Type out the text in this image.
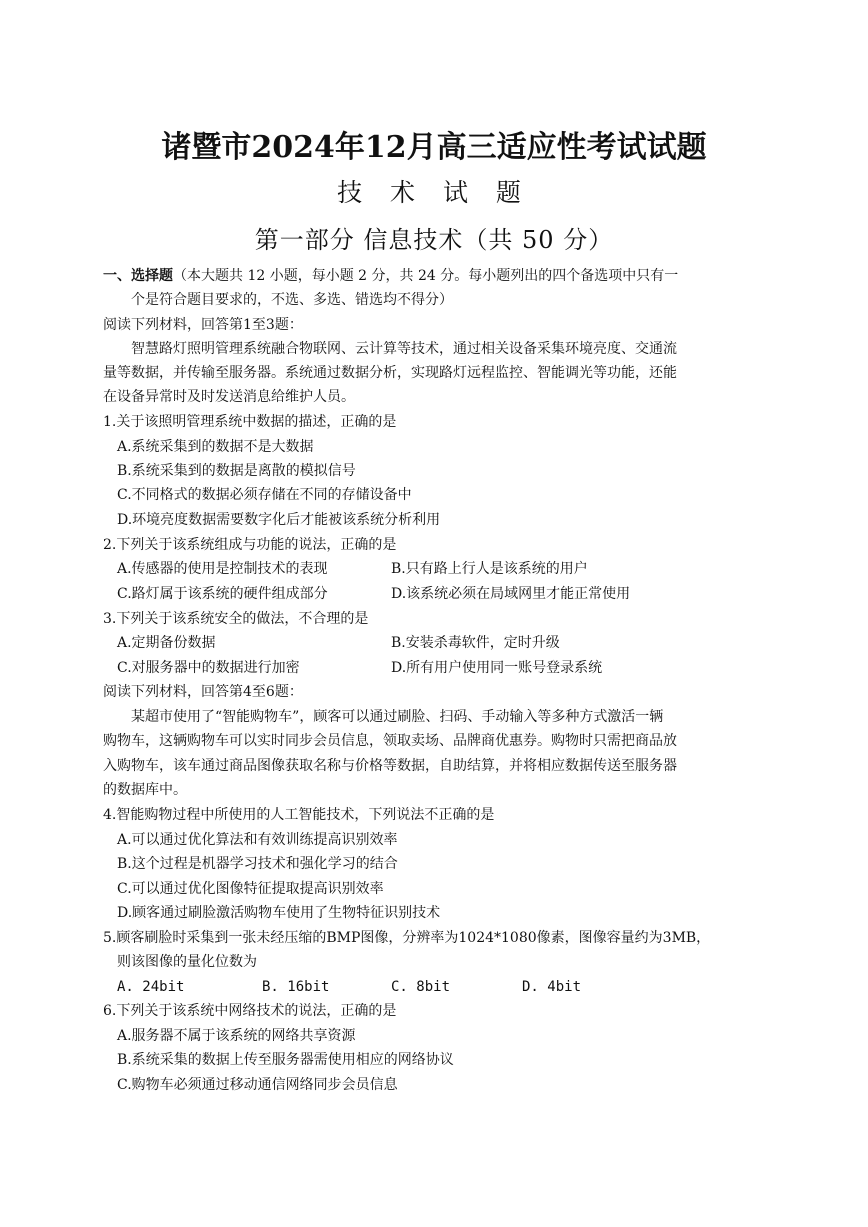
诸暨市2024年12月高三适应性考试试题
技 术 试 题
第一部分 信息技术（共 50 分）
一、选择题（本大题共 12 小题，每小题 2 分，共 24 分。每小题列出的四个备选项中只有一
个是符合题目要求的，不选、多选、错选均不得分）
阅读下列材料，回答第1至3题：
智慧路灯照明管理系统融合物联网、云计算等技术，通过相关设备采集环境亮度、交通流
量等数据，并传输至服务器。系统通过数据分析，实现路灯远程监控、智能调光等功能，还能
在设备异常时及时发送消息给维护人员。
1.关于该照明管理系统中数据的描述，正确的是
A.系统采集到的数据不是大数据
B.系统采集到的数据是离散的模拟信号
C.不同格式的数据必须存储在不同的存储设备中
D.环境亮度数据需要数字化后才能被该系统分析利用
2.下列关于该系统组成与功能的说法，正确的是
A.传感器的使用是控制技术的表现	B.只有路上行人是该系统的用户
C.路灯属于该系统的硬件组成部分	D.该系统必须在局域网里才能正常使用
3.下列关于该系统安全的做法，不合理的是
A.定期备份数据	B.安装杀毒软件，定时升级
C.对服务器中的数据进行加密	D.所有用户使用同一账号登录系统
阅读下列材料，回答第4至6题：
某超市使用了“智能购物车”，顾客可以通过刷脸、扫码、手动输入等多种方式激活一辆
购物车，这辆购物车可以实时同步会员信息，领取卖场、品牌商优惠券。购物时只需把商品放
入购物车，该车通过商品图像获取名称与价格等数据，自助结算，并将相应数据传送至服务器
的数据库中。
4.智能购物过程中所使用的人工智能技术，下列说法不正确的是
A.可以通过优化算法和有效训练提高识别效率
B.这个过程是机器学习技术和强化学习的结合
C.可以通过优化图像特征提取提高识别效率
D.顾客通过刷脸激活购物车使用了生物特征识别技术
5.顾客刷脸时采集到一张未经压缩的BMP图像，分辨率为1024*1080像素，图像容量约为3MB，
则该图像的量化位数为
A. 24bit	B. 16bit	C. 8bit	D. 4bit
6.下列关于该系统中网络技术的说法，正确的是
A.服务器不属于该系统的网络共享资源
B.系统采集的数据上传至服务器需使用相应的网络协议
C.购物车必须通过移动通信网络同步会员信息
